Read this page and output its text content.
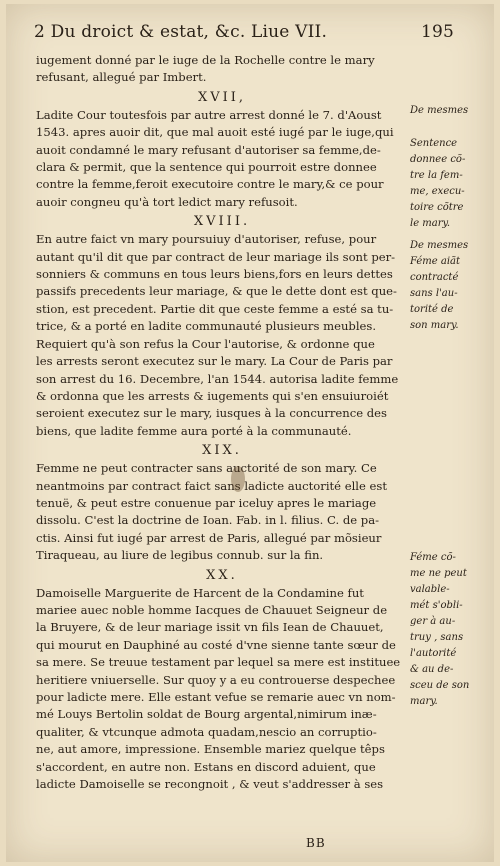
2 Du droict & estat, &c. Liue VII.	195

iugement donné par le iuge de la Rochelle contre le mary
refusant, allegué par Imbert.

XVII,

Ladite Cour toutesfois par autre arrest donné le 7. d'Aoust
1543. apres auoir dit, que mal auoit esté iugé par le iuge,qui
auoit condamné le mary refusant d'autoriser sa femme,de-
clara & permit, que la sentence qui pourroit estre donnee
contre la femme,feroit executoire contre le mary,& ce pour
auoir congneu qu'à tort ledict mary refusoit.

XVIII.

En autre faict vn mary poursuiuy d'autoriser, refuse, pour
autant qu'il dit que par contract de leur mariage ils sont per-
sonniers & communs en tous leurs biens,fors en leurs dettes
passifs precedents leur mariage, & que le dette dont est que-
stion, est precedent. Partie dit que ceste femme a esté sa tu-
trice, & a porté en ladite communauté plusieurs meubles.
Requiert qu'à son refus la Cour l'autorise, & ordonne que
les arrests seront executez sur le mary. La Cour de Paris par
son arrest du 16. Decembre, l'an 1544. autorisa ladite femme
& ordonna que les arrests & iugements qui s'en ensuiuroiét
seroient executez sur le mary, iusques à la concurrence des
biens, que ladite femme aura porté à la communauté.

XIX.

Femme ne peut contracter sans auctorité de son mary. Ce
neantmoins par contract faict sans ladicte auctorité elle est
tenuë, & peut estre conuenue par iceluy apres le mariage
dissolu. C'est la doctrine de Ioan. Fab. in l. filius. C. de pa-
ctis. Ainsi fut iugé par arrest de Paris, allegué par mõsieur
Tiraqueau, au liure de legibus connub. sur la fin.

XX.

Damoiselle Marguerite de Harcent de la Condamine fut
mariee auec noble homme Iacques de Chauuet Seigneur de
la Bruyere, & de leur mariage issit vn fils Iean de Chauuet,
qui mourut en Dauphiné au costé d'vne sienne tante sœur de
sa mere. Se treuue testament par lequel sa mere est instituee
heritiere vniuerselle. Sur quoy y a eu controuerse despechee
pour ladicte mere. Elle estant vefue se remarie auec vn nom-
mé Louys Bertolin soldat de Bourg argental,nimirum inæ-
qualiter, & vtcunque admota quadam,nescio an corruptio-
ne, aut amore, impressione. Ensemble mariez quelque têps
s'accordent, en autre non. Estans en discord aduient, que
ladicte Damoiselle se recongnoit , & veut s'addresser à ses

De mesmes
Sentence
donnee cõ-
tre la fem-
me, execu-
toire cõtre
le mary.
De mesmes
Féme aiãt
contracté
sans l'au-
torité de
son mary.
Féme cõ-
me ne peut
valable-
mét s'obli-
ger à au-
truy , sans
l'autorité
& au de-
sceu de son
mary.
BB
